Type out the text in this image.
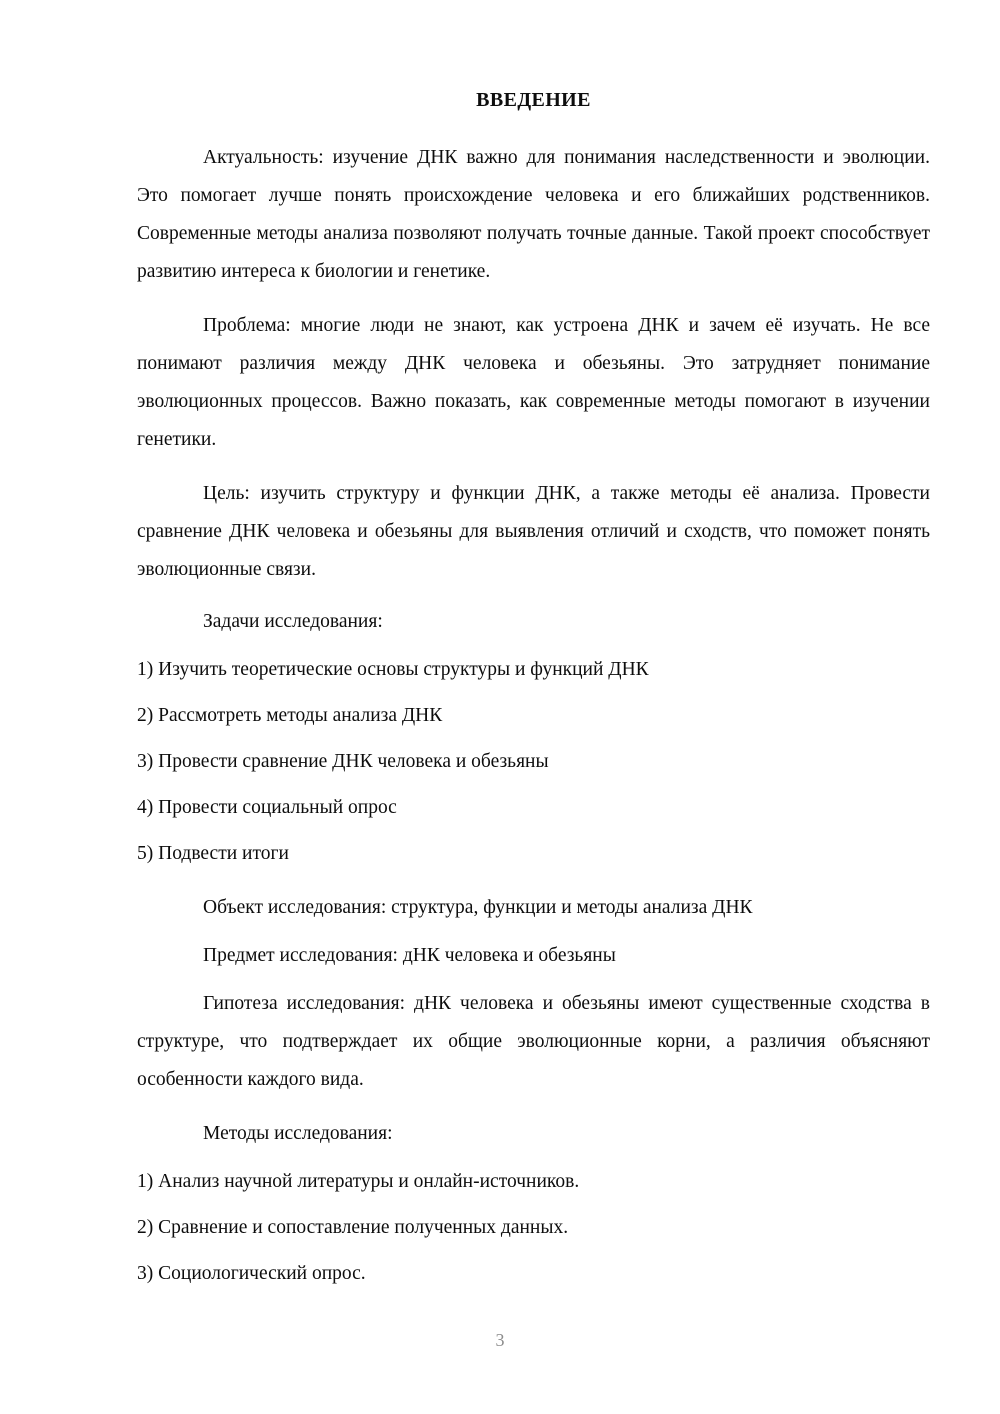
ВВЕДЕНИЕ

Актуальность: изучение ДНК важно для понимания наследственности и эволюции. Это помогает лучше понять происхождение человека и его ближайших родственников. Современные методы анализа позволяют получать точные данные. Такой проект способствует развитию интереса к биологии и генетике.

Проблема: многие люди не знают, как устроена ДНК и зачем её изучать. Не все понимают различия между ДНК человека и обезьяны. Это затрудняет понимание эволюционных процессов. Важно показать, как современные методы помогают в изучении генетики.

Цель: изучить структуру и функции ДНК, а также методы её анализа. Провести сравнение ДНК человека и обезьяны для выявления отличий и сходств, что поможет понять эволюционные связи.

Задачи исследования:

1) Изучить теоретические основы структуры и функций ДНК
2) Рассмотреть методы анализа ДНК
3) Провести сравнение ДНК человека и обезьяны
4) Провести социальный опрос
5) Подвести итоги

Объект исследования: структура, функции и методы анализа ДНК

Предмет исследования: дНК человека и обезьяны

Гипотеза исследования: дНК человека и обезьяны имеют существенные сходства в структуре, что подтверждает их общие эволюционные корни, а различия объясняют особенности каждого вида.

Методы исследования:

1) Анализ научной литературы и онлайн-источников.
2) Сравнение и сопоставление полученных данных.
3) Социологический опрос.
3
